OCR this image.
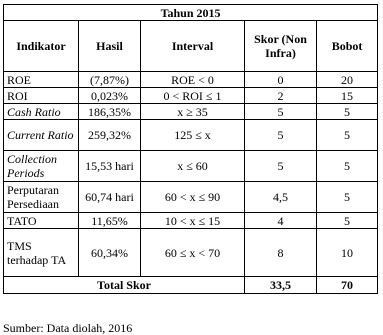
Tahun 2015				
Indikator	Hasil	Interval	Skor (Non Infra)	Bobot
ROE	(7,87%)	ROE < 0	0	20
ROI	0,023%	0 < ROI ≤ 1	2	15
Cash Ratio	186,35%	x ≥ 35	5	5
Current Ratio	259,32%	125 ≤ x	5	5
Collection Periods	15,53 hari	x ≤ 60	5	5
Perputaran Persediaan	60,74 hari	60 < x ≤ 90	4,5	5
TATO	11,65%	10 < x ≤ 15	4	5
TMS terhadap TA	60,34%	60 ≤ x < 70	8	10
Total Skor			33,5	70
Sumber: Data diolah, 2016
